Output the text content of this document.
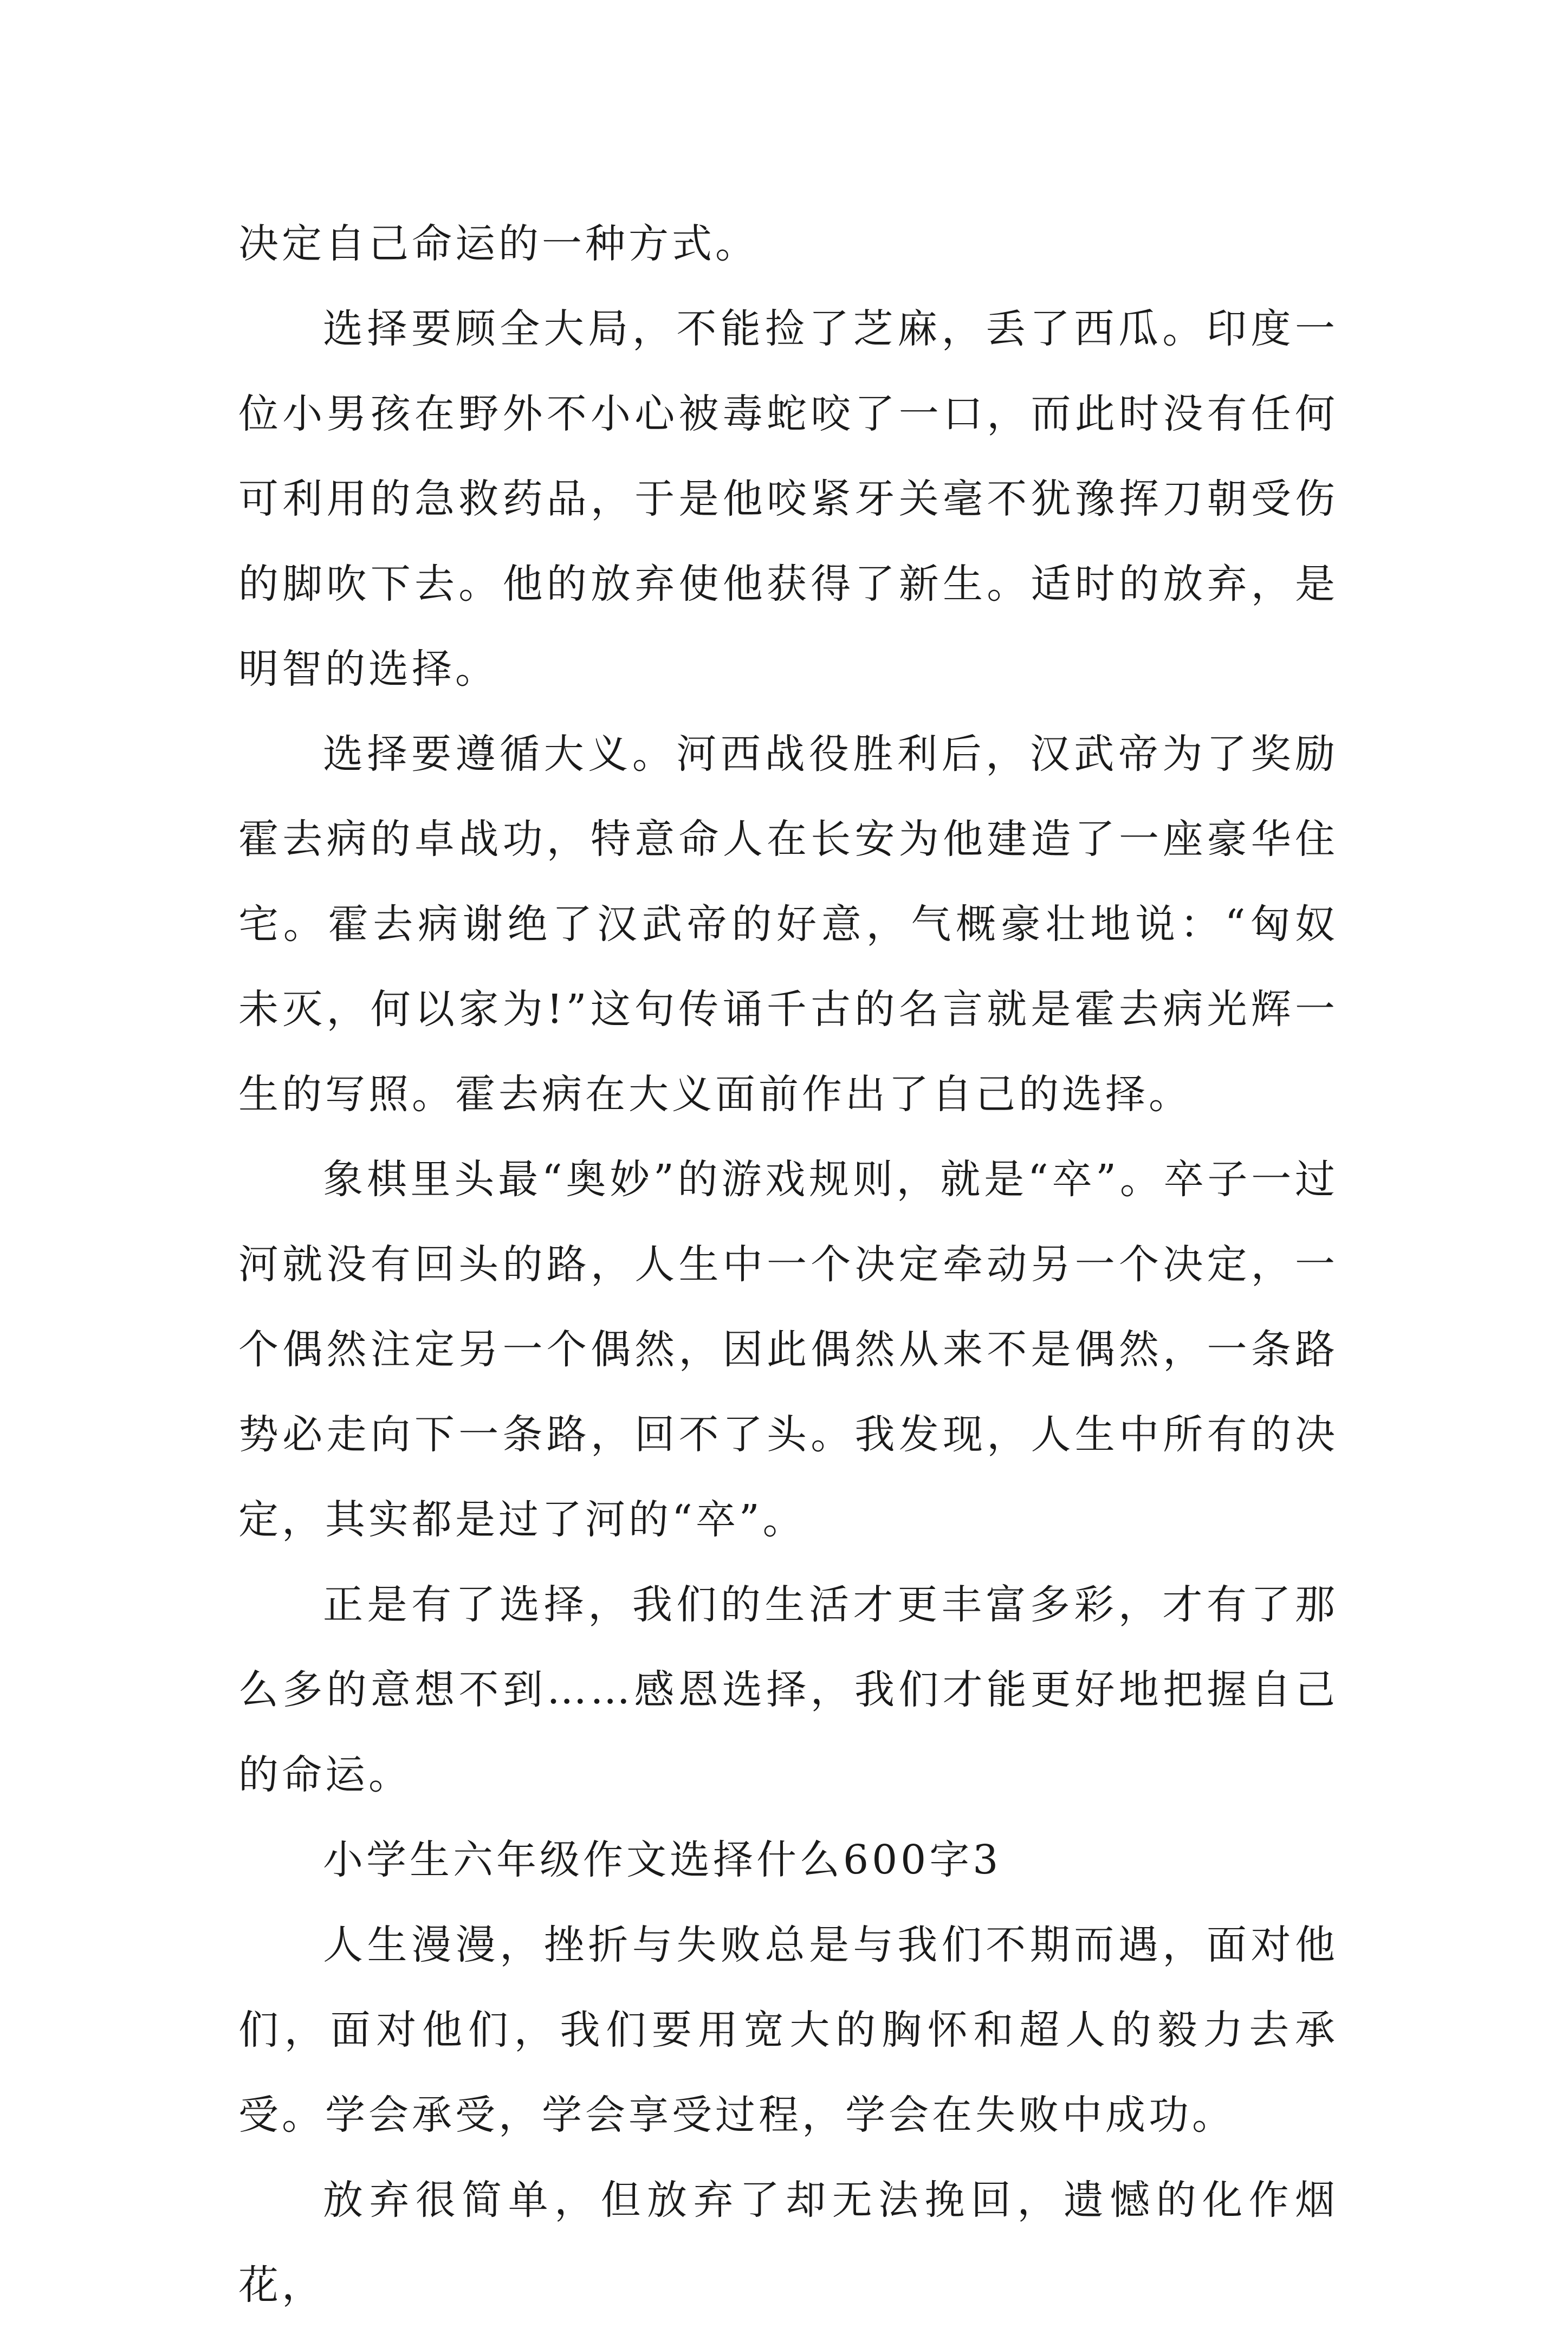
决定自己命运的一种方式。

选择要顾全大局，不能捡了芝麻，丢了西瓜。印度一位小男孩在野外不小心被毒蛇咬了一口，而此时没有任何可利用的急救药品，于是他咬紧牙关毫不犹豫挥刀朝受伤的脚吹下去。他的放弃使他获得了新生。适时的放弃，是明智的选择。

选择要遵循大义。河西战役胜利后，汉武帝为了奖励霍去病的卓战功，特意命人在长安为他建造了一座豪华住宅。霍去病谢绝了汉武帝的好意，气概豪壮地说：“匈奴未灭，何以家为!”这句传诵千古的名言就是霍去病光辉一生的写照。霍去病在大义面前作出了自己的选择。

象棋里头最“奥妙”的游戏规则，就是“卒”。卒子一过河就没有回头的路，人生中一个决定牵动另一个决定，一个偶然注定另一个偶然，因此偶然从来不是偶然，一条路势必走向下一条路，回不了头。我发现，人生中所有的决定，其实都是过了河的“卒”。

正是有了选择，我们的生活才更丰富多彩，才有了那么多的意想不到……感恩选择，我们才能更好地把握自己的命运。

小学生六年级作文选择什么600字3

人生漫漫，挫折与失败总是与我们不期而遇，面对他们，面对他们，我们要用宽大的胸怀和超人的毅力去承受。学会承受，学会享受过程，学会在失败中成功。

放弃很简单，但放弃了却无法挽回，遗憾的化作烟花，
